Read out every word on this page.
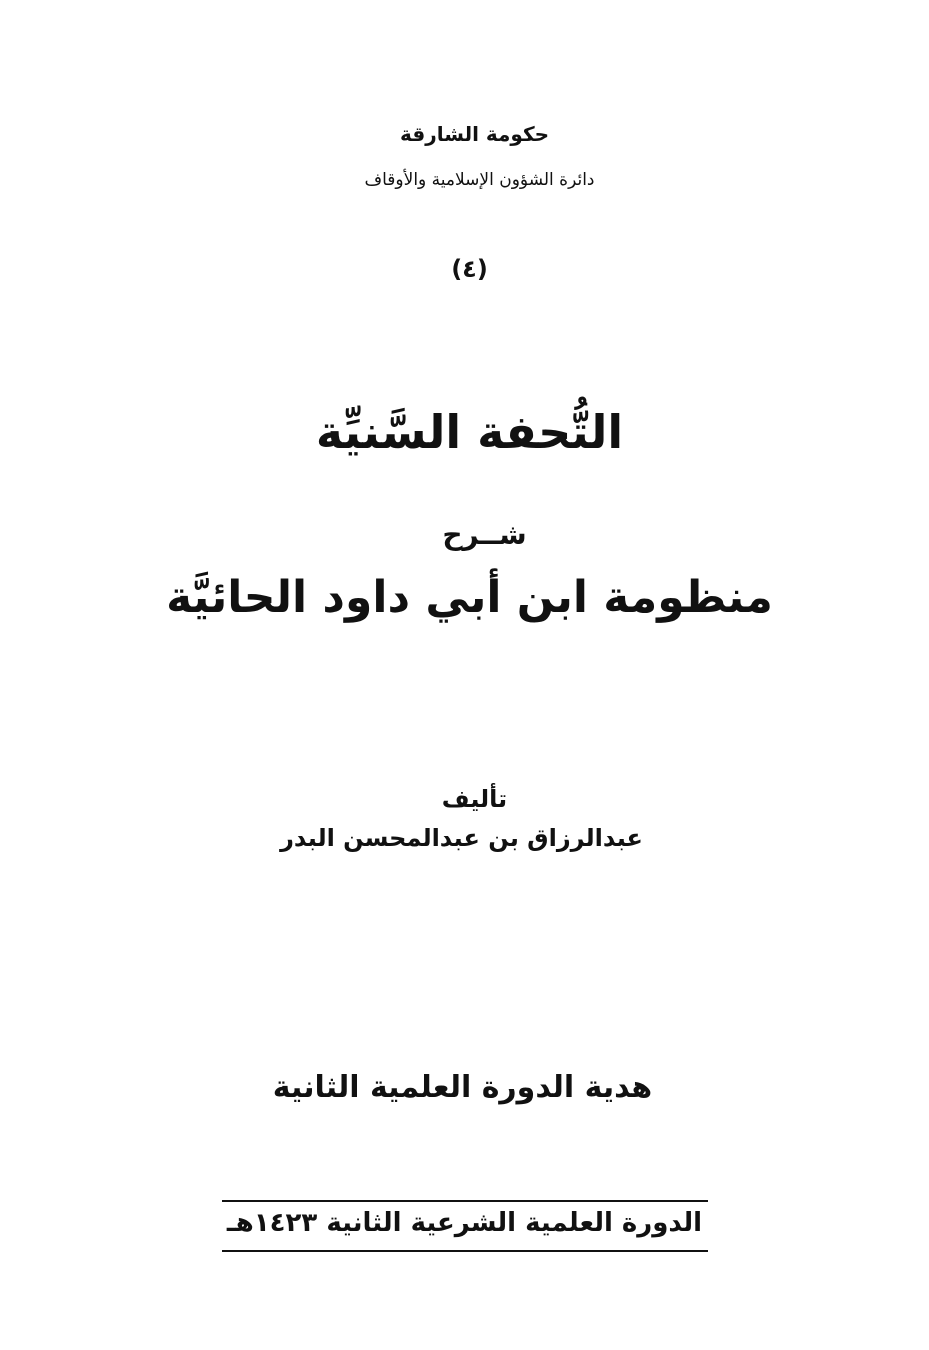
حكومة الشارقة
دائرة الشؤون الإسلامية والأوقاف
(٤)
التُّحفة السَّنيِّة
شــرح
منظومة ابن أبي داود الحائيَّة
تأليف
عبدالرزاق بن عبدالمحسن البدر
هدية الدورة العلمية الثانية
الدورة العلمية الشرعية الثانية ١٤٢٣هـ
